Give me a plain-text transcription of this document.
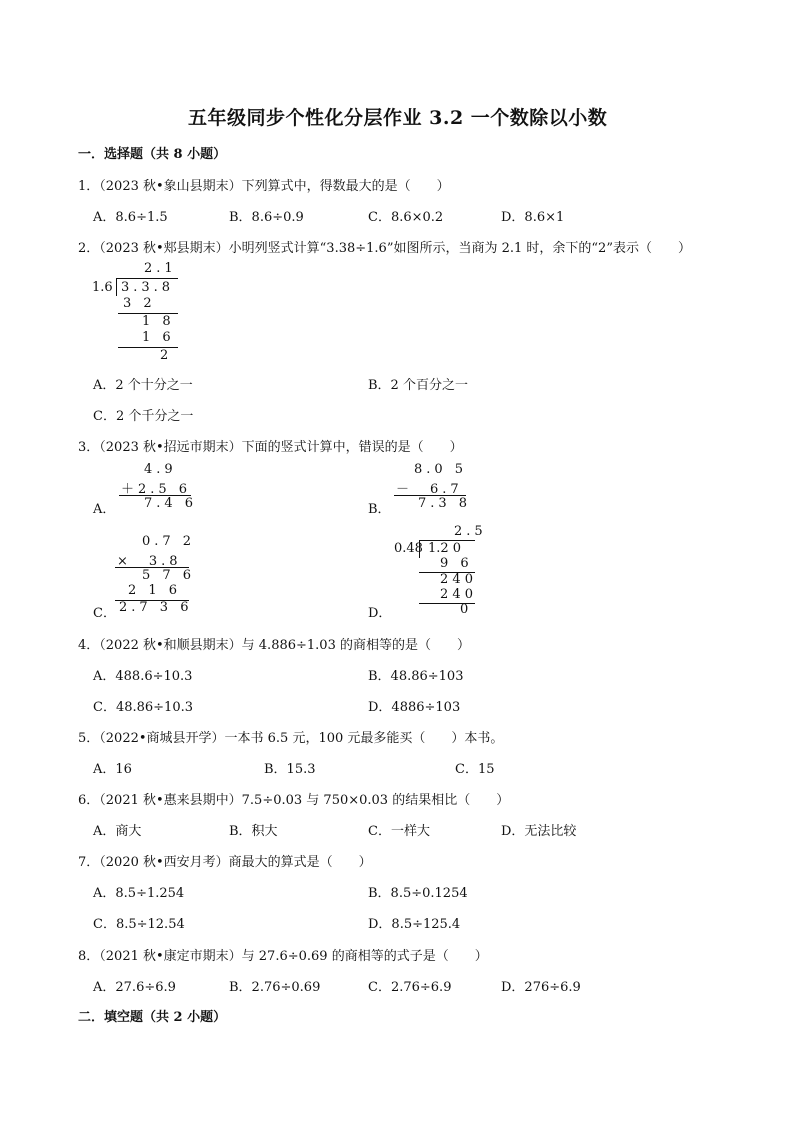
五年级同步个性化分层作业 3.2 一个数除以小数
一．选择题（共 8 小题）
1．（2023 秋•象山县期末）下列算式中，得数最大的是（　　）
A．8.6÷1.5	B．8.6÷0.9	C．8.6×0.2	D．8.6×1
2．（2023 秋•郏县期末）小明列竖式计算“3.38÷1.6”如图所示，当商为 2.1 时，余下的“2”表示（　　）
2.1
1.6 3.3.8
3 2
1 8
1 6
2
A．2 个十分之一	B．2 个百分之一
C．2 个千分之一
3．（2023 秋•招远市期末）下面的竖式计算中，错误的是（　　）
4.9
＋2.5 6
7.4 6
A．
8.0 5
－　6.7
7.3 8
B．
0.7 2
×　3.8
5 7 6
2 1 6
2.7 3 6
C．
2.5
0.48 1.2 0
9 6
2 4 0
2 4 0
0
D．
4．（2022 秋•和顺县期末）与 4.886÷1.03 的商相等的是（　　）
A．488.6÷10.3	B．48.86÷103
C．48.86÷10.3	D．4886÷103
5．（2022•商城县开学）一本书 6.5 元，100 元最多能买（　　）本书。
A．16	B．15.3	C．15
6．（2021 秋•惠来县期中）7.5÷0.03 与 750×0.03 的结果相比（　　）
A．商大	B．积大	C．一样大	D．无法比较
7．（2020 秋•西安月考）商最大的算式是（　　）
A．8.5÷1.254	B．8.5÷0.1254
C．8.5÷12.54	D．8.5÷125.4
8．（2021 秋•康定市期末）与 27.6÷0.69 的商相等的式子是（　　）
A．27.6÷6.9	B．2.76÷0.69	C．2.76÷6.9	D．276÷6.9
二．填空题（共 2 小题）
